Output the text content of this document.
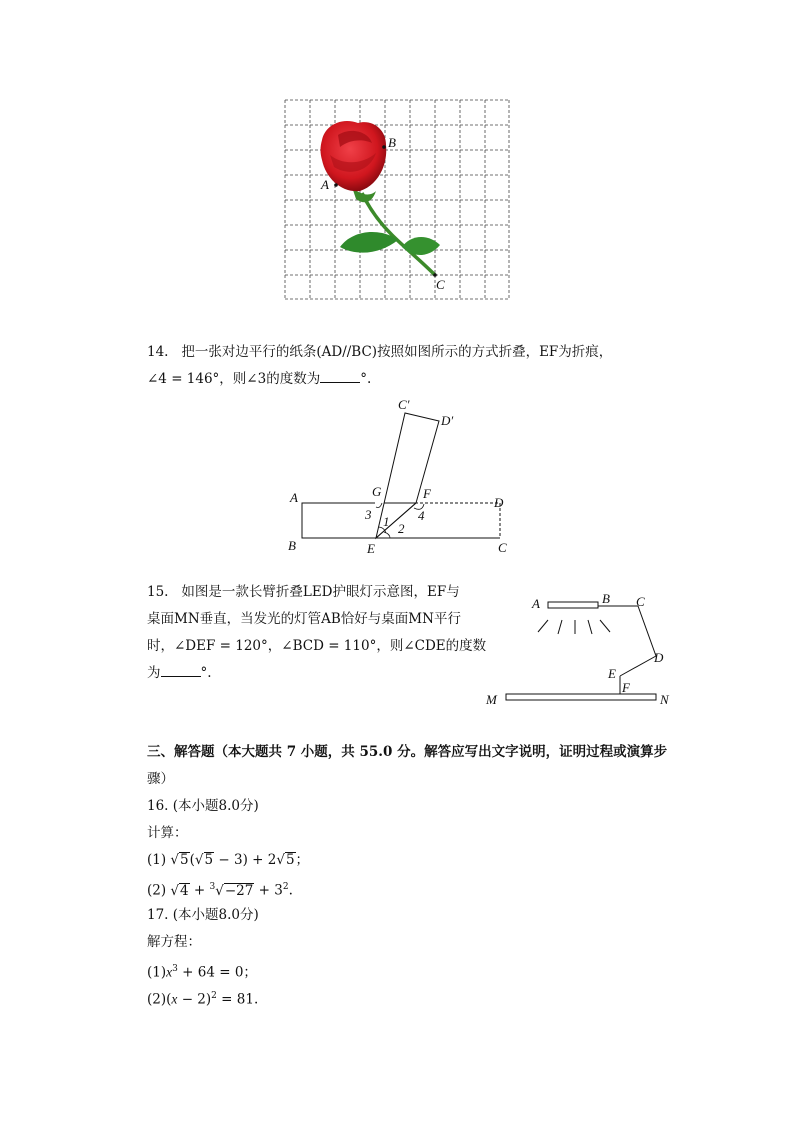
B
A
C
14. 把一张对边平行的纸条(AD//BC)按照如图所示的方式折叠，EF为折痕，
∠4 = 146°，则∠3的度数为	°.
C′
D′
A	G	F
D
3	4
1 2
B	E	C
15. 如图是一款长臂折叠LED护眼灯示意图，EF与
桌面MN垂直，当发光的灯管AB恰好与桌面MN平行
时，∠DEF = 120°，∠BCD = 110°，则∠CDE的度数
为	°.
A	B C
D
E
F
M	N
三、解答题（本大题共 7 小题，共 55.0 分。解答应写出文字说明，证明过程或演算步
骤）
16. (本小题8.0分)
计算：
(1) √5(√5 − 3) + 2√5；
(2) $√4 + ^3√-27 + 3^2$.
17. (本小题8.0分)
解方程：
$(1)x^3 + 64 = 0$；
$(2)(x - 2)^2 = 81$.
